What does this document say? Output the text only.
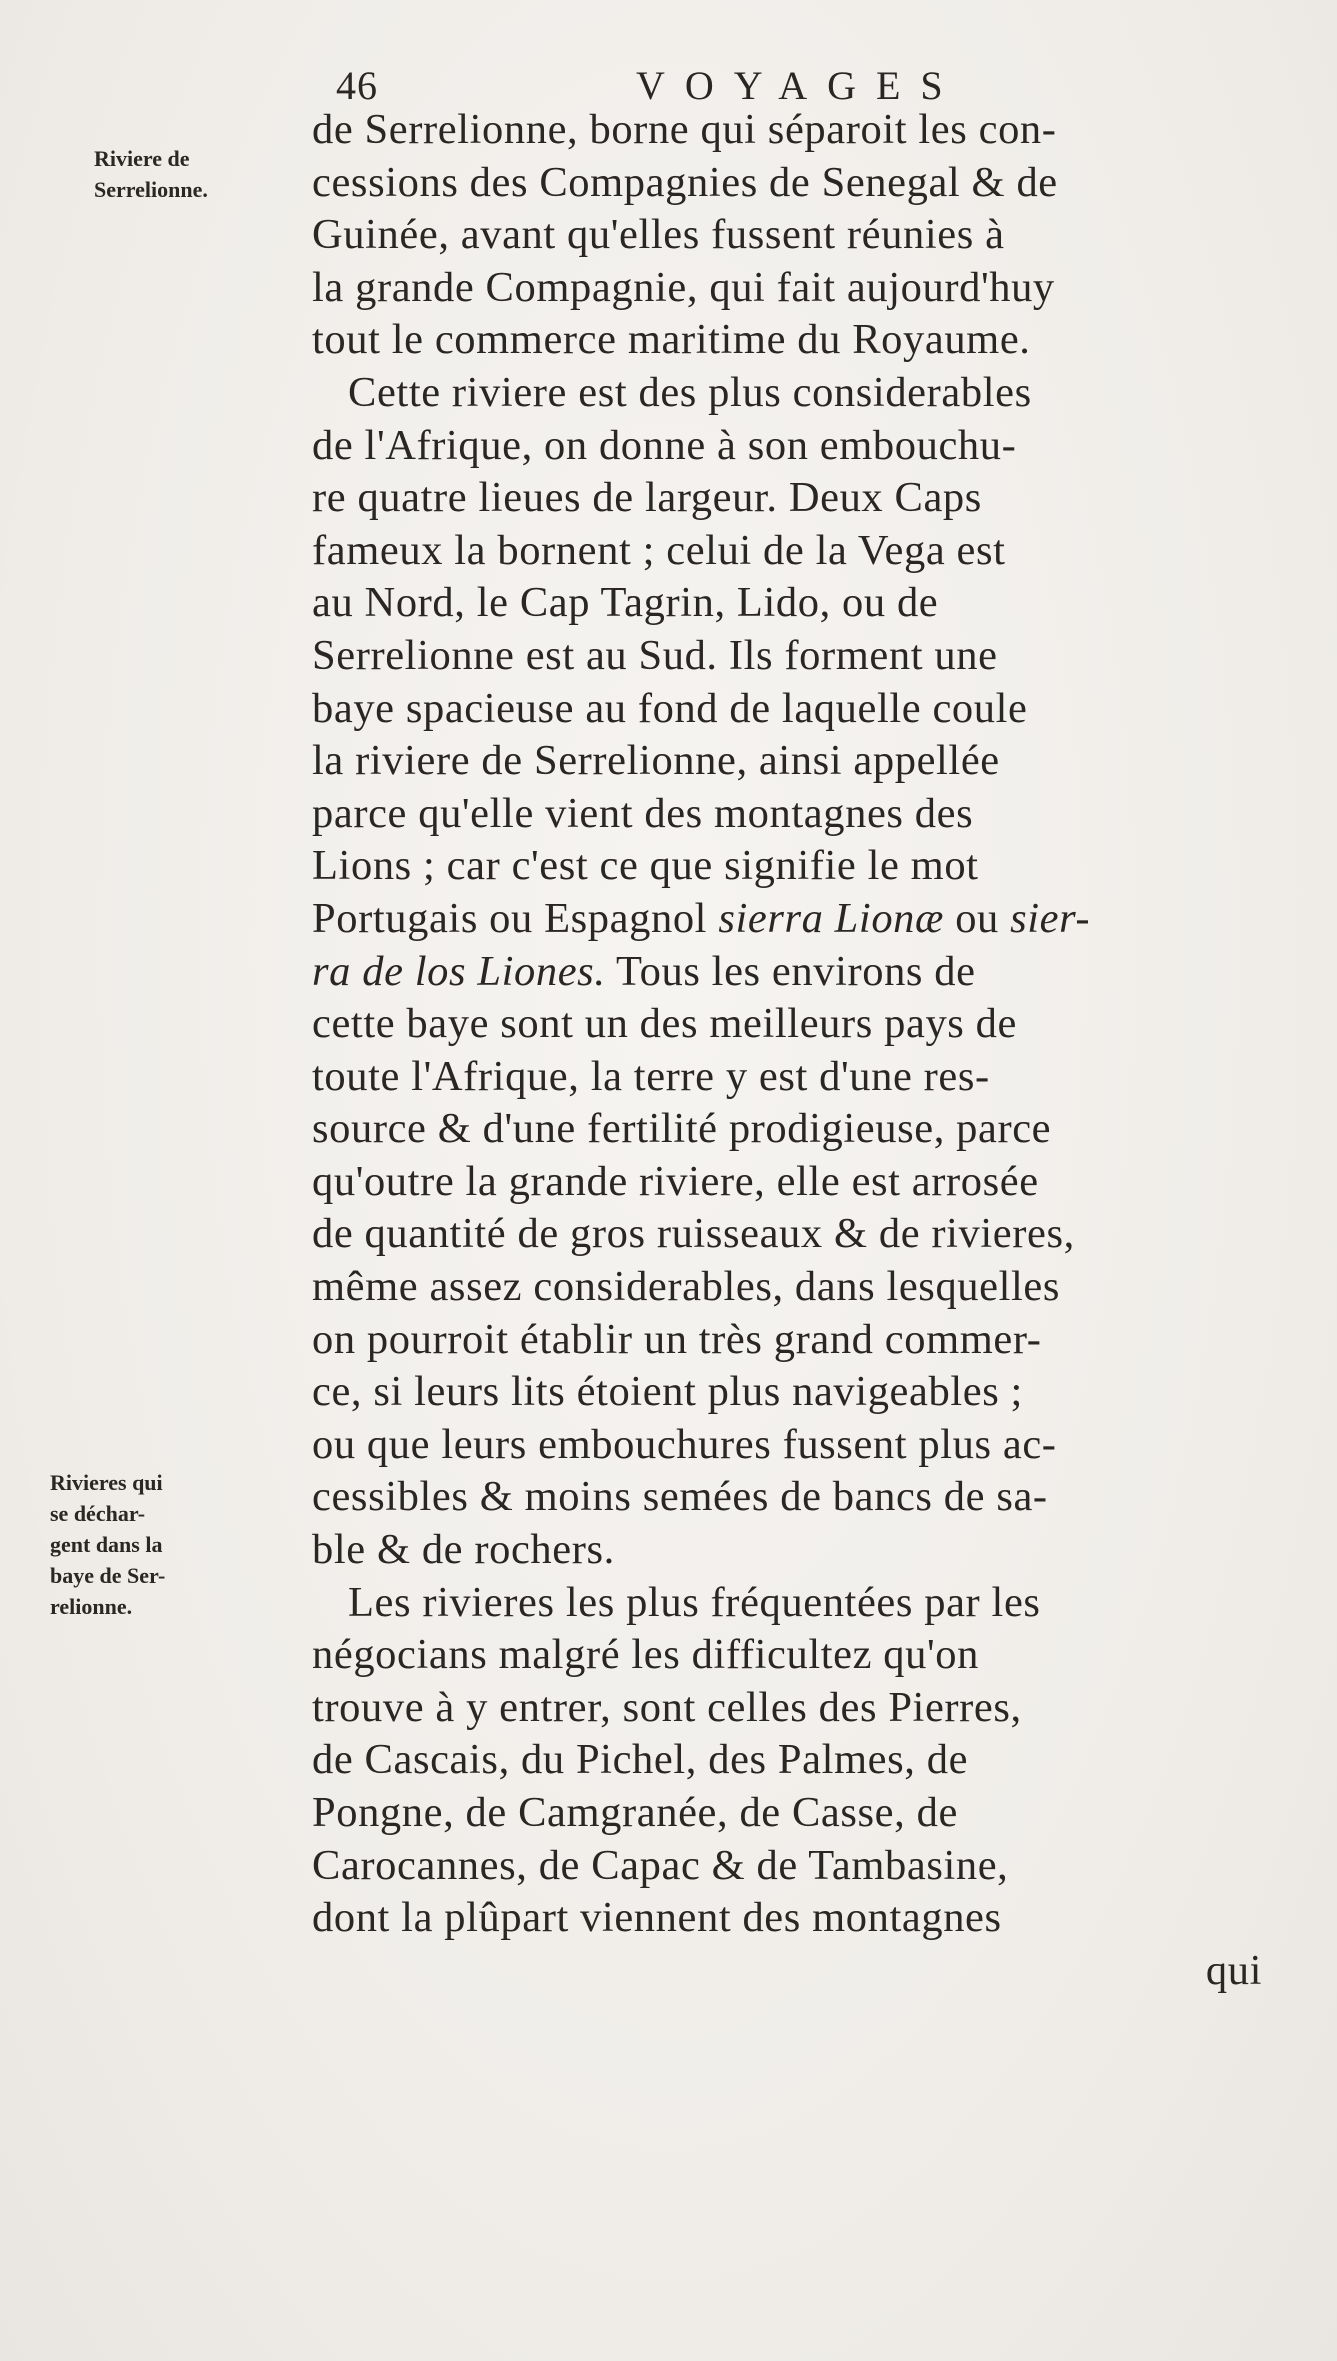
46	VOYAGES
Riviere de
Serrelionne.
Rivieres qui
se déchar-
gent dans la
baye de Ser-
relionne.
de Serrelionne, borne qui séparoit les con-
cessions des Compagnies de Senegal & de
Guinée, avant qu'elles fussent réunies à
la grande Compagnie, qui fait aujourd'huy
tout le commerce maritime du Royaume.
Cette riviere est des plus considerables
de l'Afrique, on donne à son embouchu-
re quatre lieues de largeur. Deux Caps
fameux la bornent ; celui de la Vega est
au Nord, le Cap Tagrin, Lido, ou de
Serrelionne est au Sud. Ils forment une
baye spacieuse au fond de laquelle coule
la riviere de Serrelionne, ainsi appellée
parce qu'elle vient des montagnes des
Lions ; car c'est ce que signifie le mot
Portugais ou Espagnol sierra Lionæ ou sier-
ra de los Liones. Tous les environs de
cette baye sont un des meilleurs pays de
toute l'Afrique, la terre y est d'une res-
source & d'une fertilité prodigieuse, parce
qu'outre la grande riviere, elle est arrosée
de quantité de gros ruisseaux & de rivieres,
même assez considerables, dans lesquelles
on pourroit établir un très grand commer-
ce, si leurs lits étoient plus navigeables ;
ou que leurs embouchures fussent plus ac-
cessibles & moins semées de bancs de sa-
ble & de rochers.
Les rivieres les plus fréquentées par les
négocians malgré les difficultez qu'on
trouve à y entrer, sont celles des Pierres,
de Cascais, du Pichel, des Palmes, de
Pongne, de Camgranée, de Casse, de
Carocannes, de Capac & de Tambasine,
dont la plûpart viennent des montagnes
qui
